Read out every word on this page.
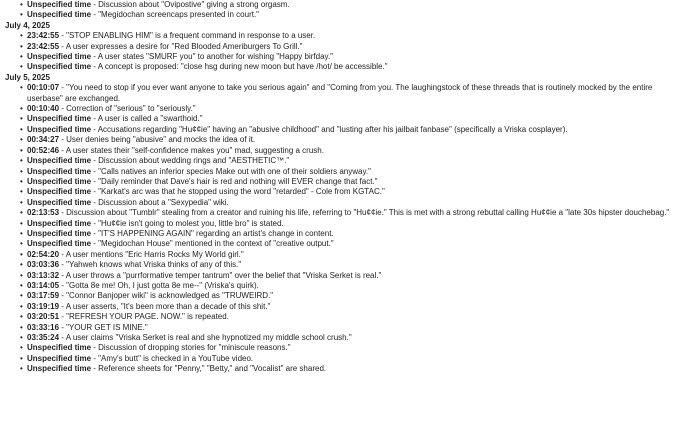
• Unspecified time - Discussion about "Ovipostive" giving a strong orgasm.
• Unspecified time - "Megidochan screencaps presented in court."
July 4, 2025
• 23:42:55 - "STOP ENABLING HIM" is a frequent command in response to a user.
• 23:42:55 - A user expresses a desire for "Red Blooded Ameriburgers To Grill."
• Unspecified time - A user states "SMURF you" to another for wishing "Happy birfday."
• Unspecified time - A concept is proposed: "close hsg during new moon but have /hot/ be accessible."
July 5, 2025
• 00:10:07 - "You need to stop if you ever want anyone to take you serious again" and "Coming from you. The laughingstock of these threads that is routinely mocked by the entire userbase" are exchanged.
• 00:10:40 - Correction of "serious" to "seriously."
• Unspecified time - A user is called a "swarthoid."
• Unspecified time - Accusations regarding "Hu¢¢ie" having an "abusive childhood" and "lusting after his jailbait fanbase" (specifically a Vriska cosplayer).
• 00:34:27 - User denies being "abusive" and mocks the idea of it.
• 00:52:46 - A user states their "self-confidence makes you" mad, suggesting a crush.
• Unspecified time - Discussion about wedding rings and "AESTHETIC™."
• Unspecified time - "Calls natives an inferior species Make out with one of their soldiers anyway."
• Unspecified time - "Daily reminder that Dave's hair is red and nothing will EVER change that fact."
• Unspecified time - "Karkat's arc was that he stopped using the word "retarded" - Cole from KGTAC."
• Unspecified time - Discussion about a "Sexypedia" wiki.
• 02:13:53 - Discussion about "Tumblr" stealing from a creator and ruining his life, referring to "Hu¢¢ie." This is met with a strong rebuttal calling Hu¢¢ie a "late 30s hipster douchebag."
• Unspecified time - "Hu¢¢ie isn't going to molest you, little bro" is stated.
• Unspecified time - "IT'S HAPPENING AGAIN" regarding an artist's change in content.
• Unspecified time - "Megidochan House" mentioned in the context of "creative output."
• 02:54:20 - A user mentions "Eric Harris Rocks My World girl."
• 03:03:36 - "Yahweh knows what Vriska thinks of any of this."
• 03:13:32 - A user throws a "purrformative temper tantrum" over the belief that "Vriska Serket is real."
• 03:14:05 - "Gotta 8e me! Oh, I just gotta 8e me--" (Vriska's quirk).
• 03:17:59 - "Connor Banjoper wiki" is acknowledged as "TRUWEIRD."
• 03:19:19 - A user asserts, "It's been more than a decade of this shit."
• 03:20:51 - "REFRESH YOUR PAGE. NOW." is repeated.
• 03:33:16 - "YOUR GET IS MINE."
• 03:35:24 - A user claims "Vriska Serket is real and she hypnotized my middle school crush."
• Unspecified time - Discussion of dropping stories for "miniscule reasons."
• Unspecified time - "Amy's butt" is checked in a YouTube video.
• Unspecified time - Reference sheets for "Penny," "Betty," and "Vocalist" are shared.
